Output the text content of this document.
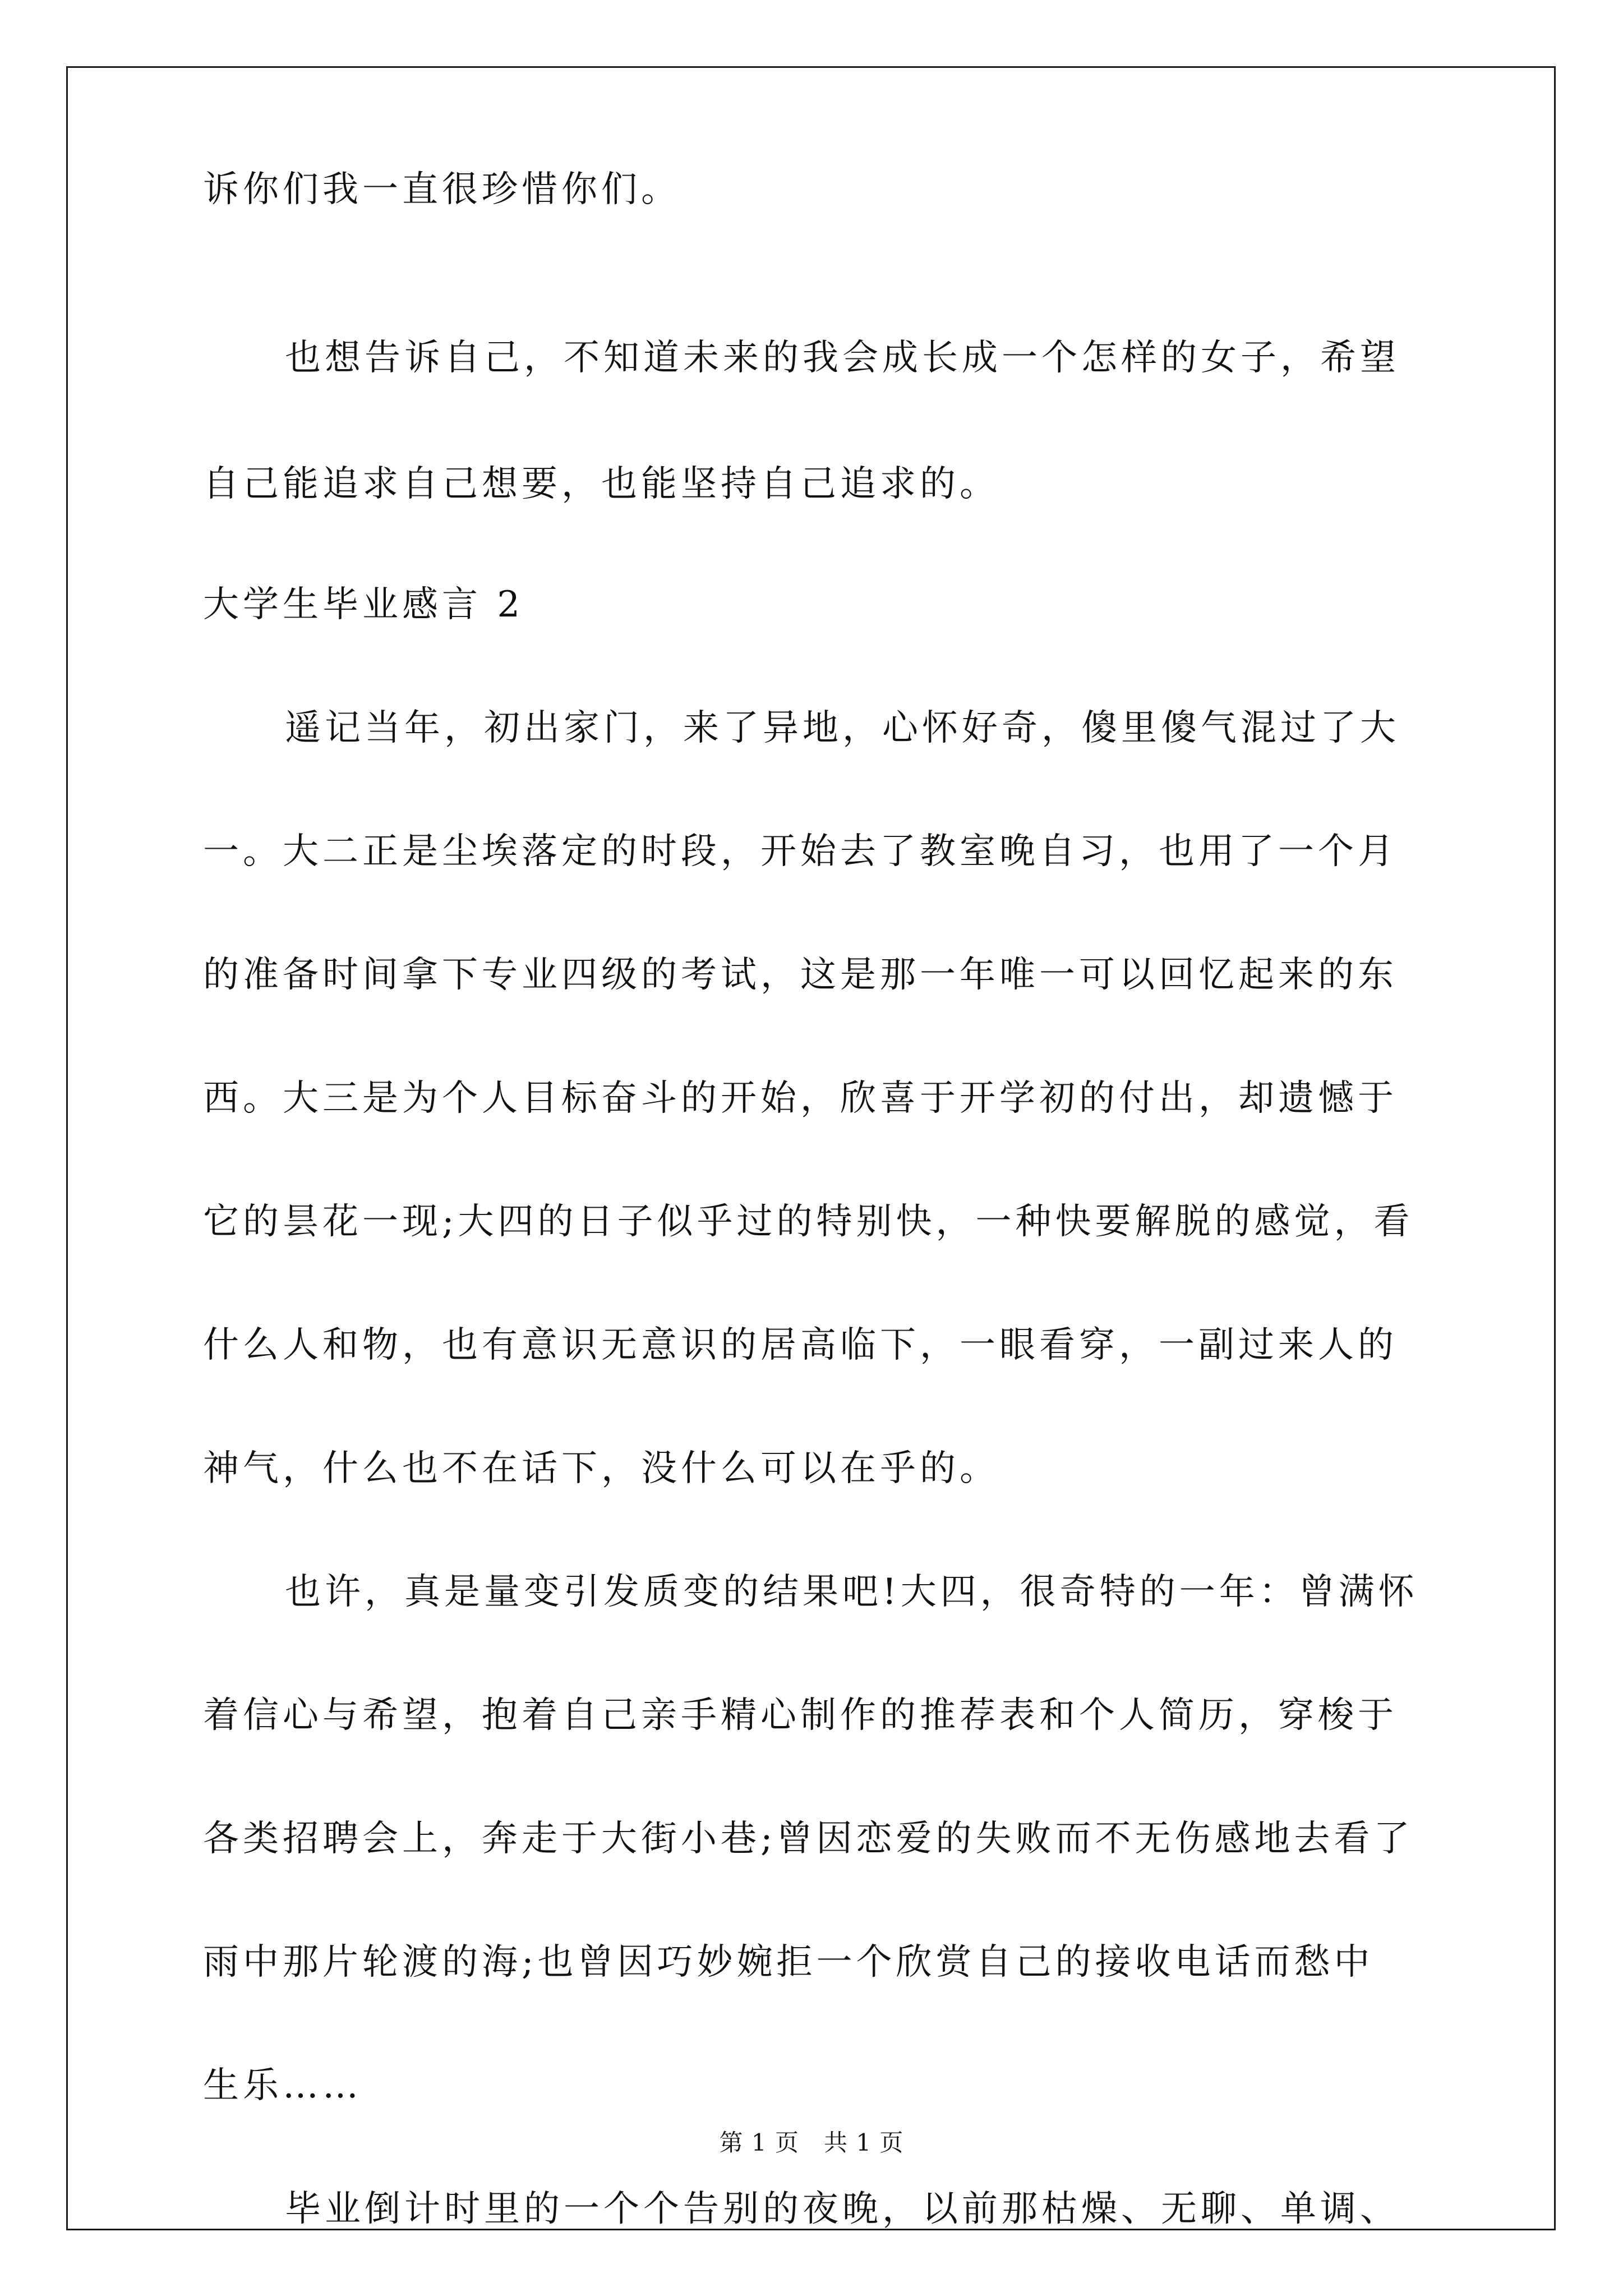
诉你们我一直很珍惜你们。
也想告诉自己，不知道未来的我会成长成一个怎样的女子，希望
自己能追求自己想要，也能坚持自己追求的。
大学生毕业感言 2
遥记当年，初出家门，来了异地，心怀好奇，傻里傻气混过了大
一。大二正是尘埃落定的时段，开始去了教室晚自习，也用了一个月
的准备时间拿下专业四级的考试，这是那一年唯一可以回忆起来的东
西。大三是为个人目标奋斗的开始，欣喜于开学初的付出，却遗憾于
它的昙花一现;大四的日子似乎过的特别快，一种快要解脱的感觉，看
什么人和物，也有意识无意识的居高临下，一眼看穿，一副过来人的
神气，什么也不在话下，没什么可以在乎的。
也许，真是量变引发质变的结果吧!大四，很奇特的一年：曾满怀
着信心与希望，抱着自己亲手精心制作的推荐表和个人简历，穿梭于
各类招聘会上，奔走于大街小巷;曾因恋爱的失败而不无伤感地去看了
雨中那片轮渡的海;也曾因巧妙婉拒一个欣赏自己的接收电话而愁中
生乐……
毕业倒计时里的一个个告别的夜晚，以前那枯燥、无聊、单调、
第 1 页 共 1 页
